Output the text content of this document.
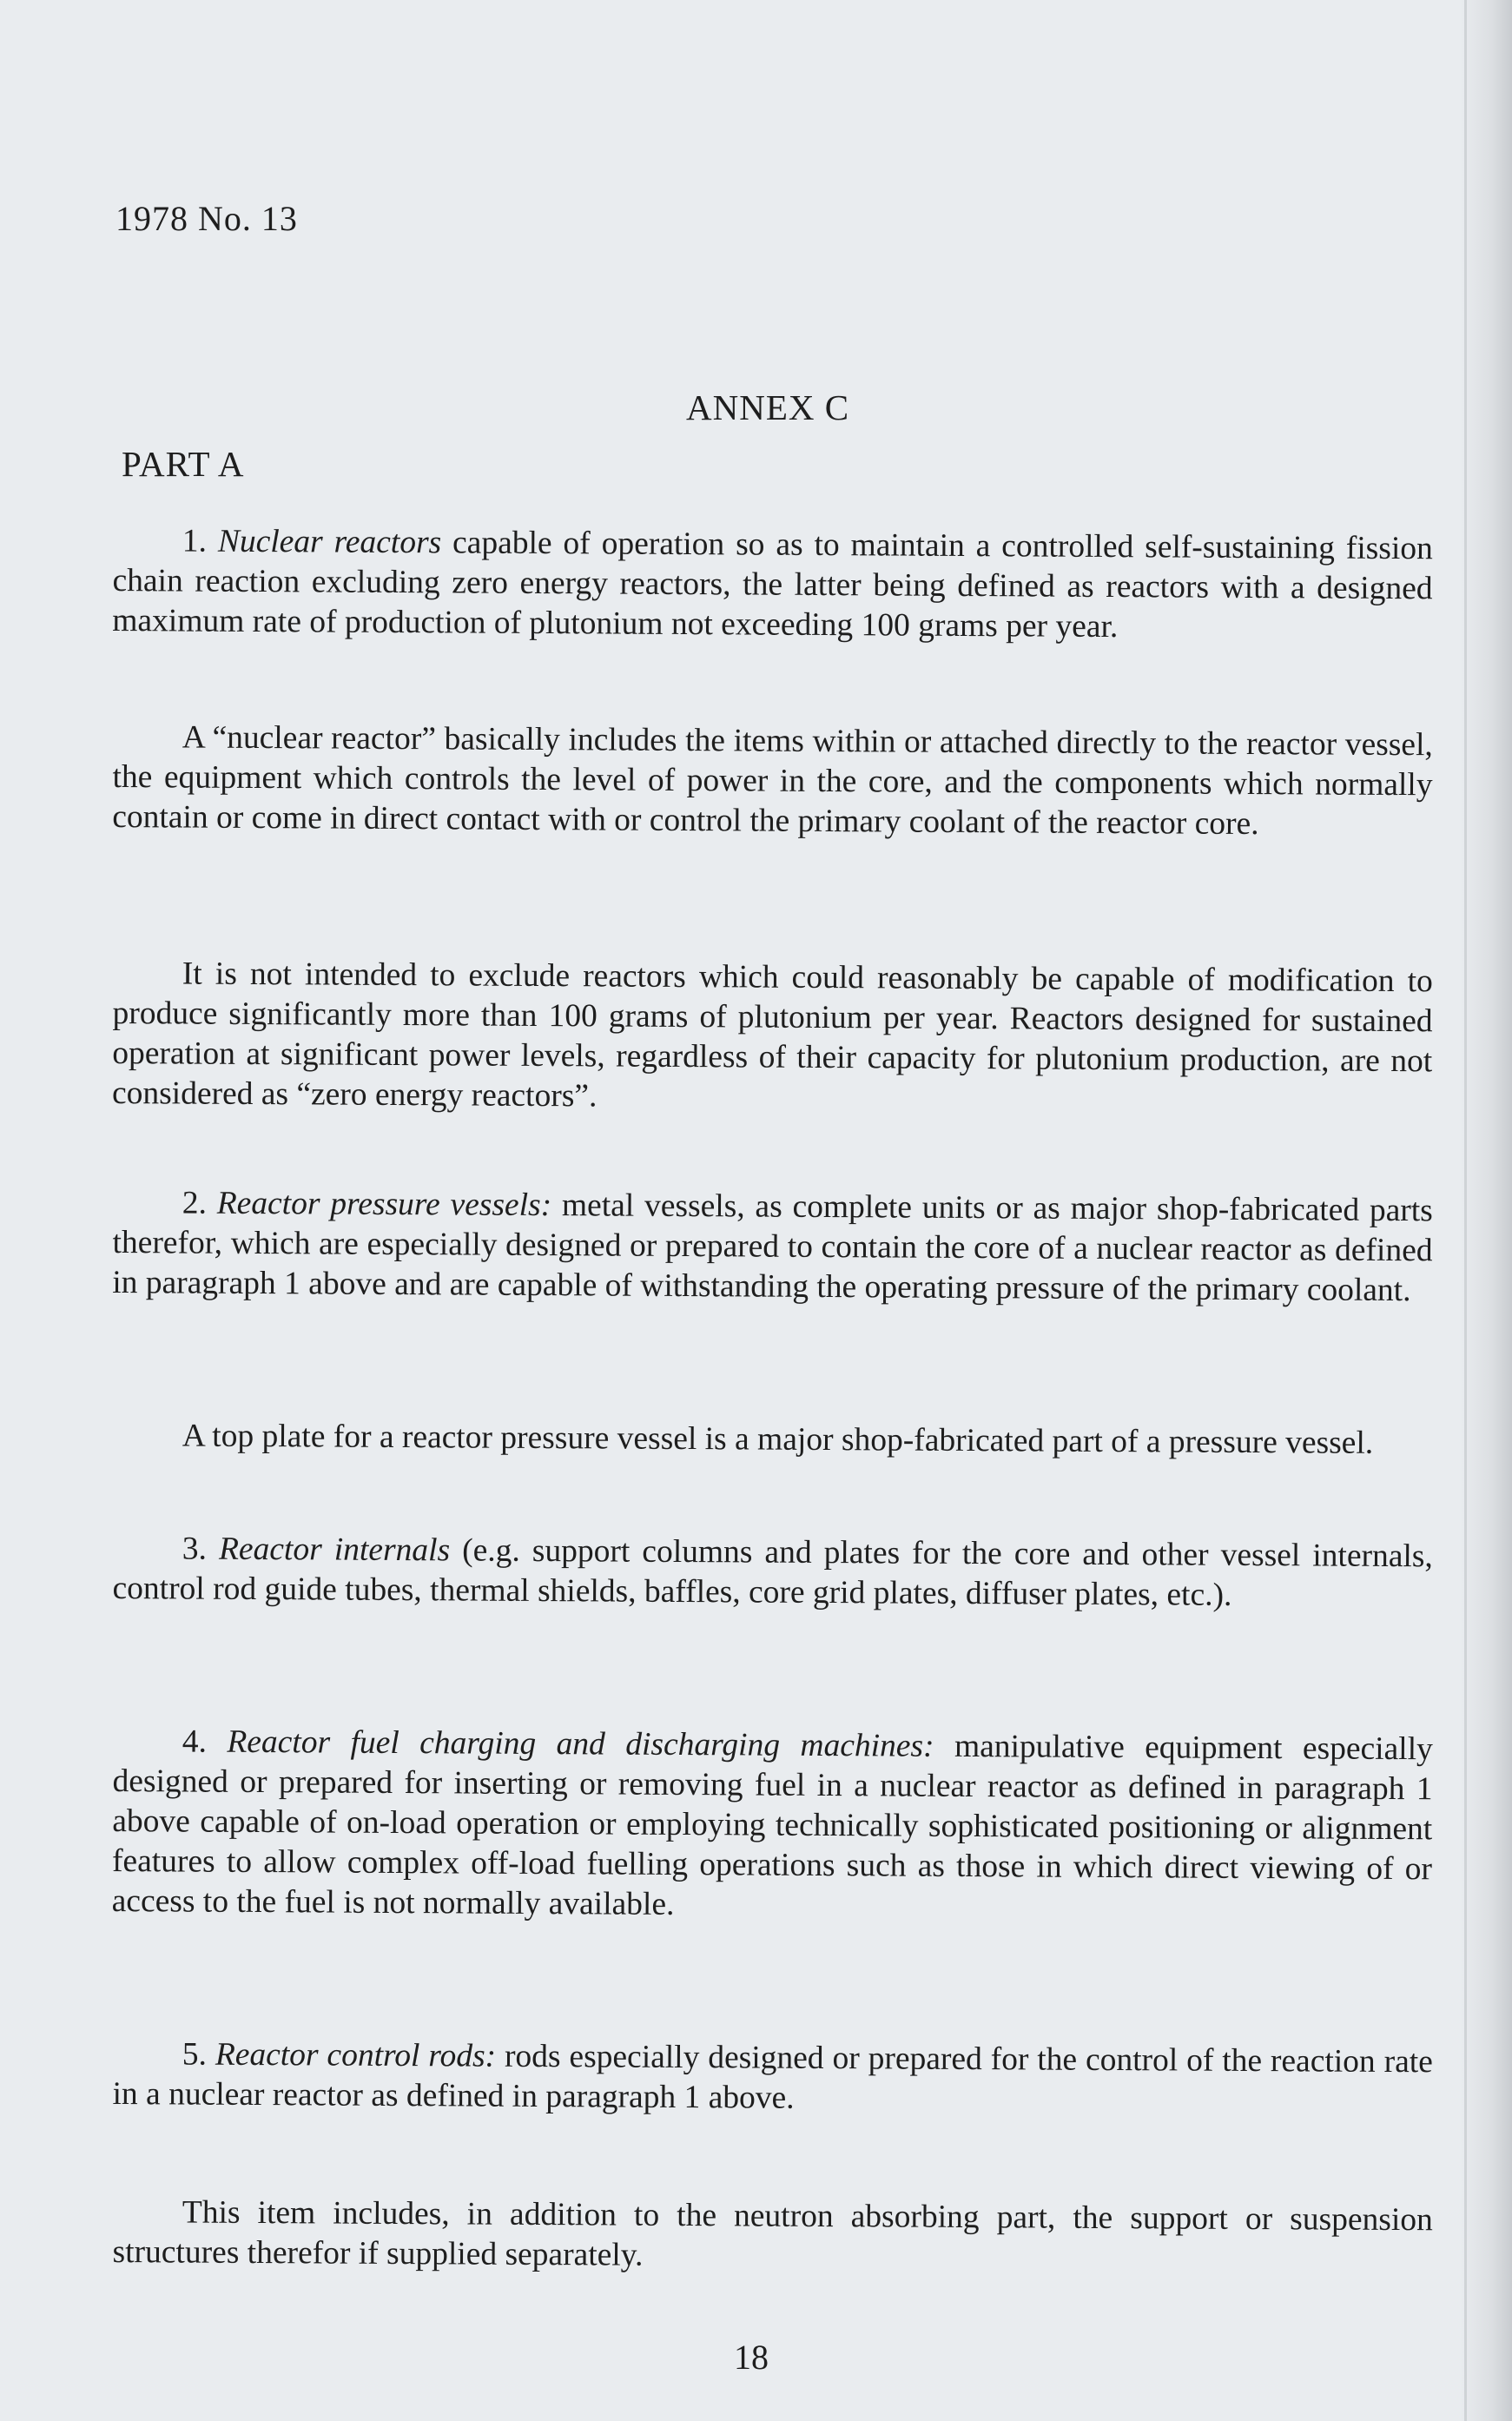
1978 No. 13
ANNEX C
PART A
1. Nuclear reactors capable of operation so as to maintain a controlled self-sustaining fission chain reaction excluding zero energy reactors, the latter being defined as reactors with a designed maximum rate of production of plutonium not exceeding 100 grams per year.
A “nuclear reactor” basically includes the items within or attached directly to the reactor vessel, the equipment which controls the level of power in the core, and the components which normally contain or come in direct contact with or control the primary coolant of the reactor core.
It is not intended to exclude reactors which could reasonably be capable of modification to produce significantly more than 100 grams of plutonium per year. Reactors designed for sustained operation at significant power levels, regardless of their capacity for plutonium production, are not considered as “zero energy reactors”.
2. Reactor pressure vessels: metal vessels, as complete units or as major shop-fabricated parts therefor, which are especially designed or prepared to contain the core of a nuclear reactor as defined in paragraph 1 above and are capable of withstanding the operating pressure of the primary coolant.
A top plate for a reactor pressure vessel is a major shop-fabricated part of a pressure vessel.
3. Reactor internals (e.g. support columns and plates for the core and other vessel internals, control rod guide tubes, thermal shields, baffles, core grid plates, diffuser plates, etc.).
4. Reactor fuel charging and discharging machines: manipulative equipment especially designed or prepared for inserting or removing fuel in a nuclear reactor as defined in paragraph 1 above capable of on-load operation or employing technically sophisticated positioning or alignment features to allow complex off-load fuelling operations such as those in which direct viewing of or access to the fuel is not normally available.
5. Reactor control rods: rods especially designed or prepared for the control of the reaction rate in a nuclear reactor as defined in paragraph 1 above.
This item includes, in addition to the neutron absorbing part, the support or suspension structures therefor if supplied separately.
18
